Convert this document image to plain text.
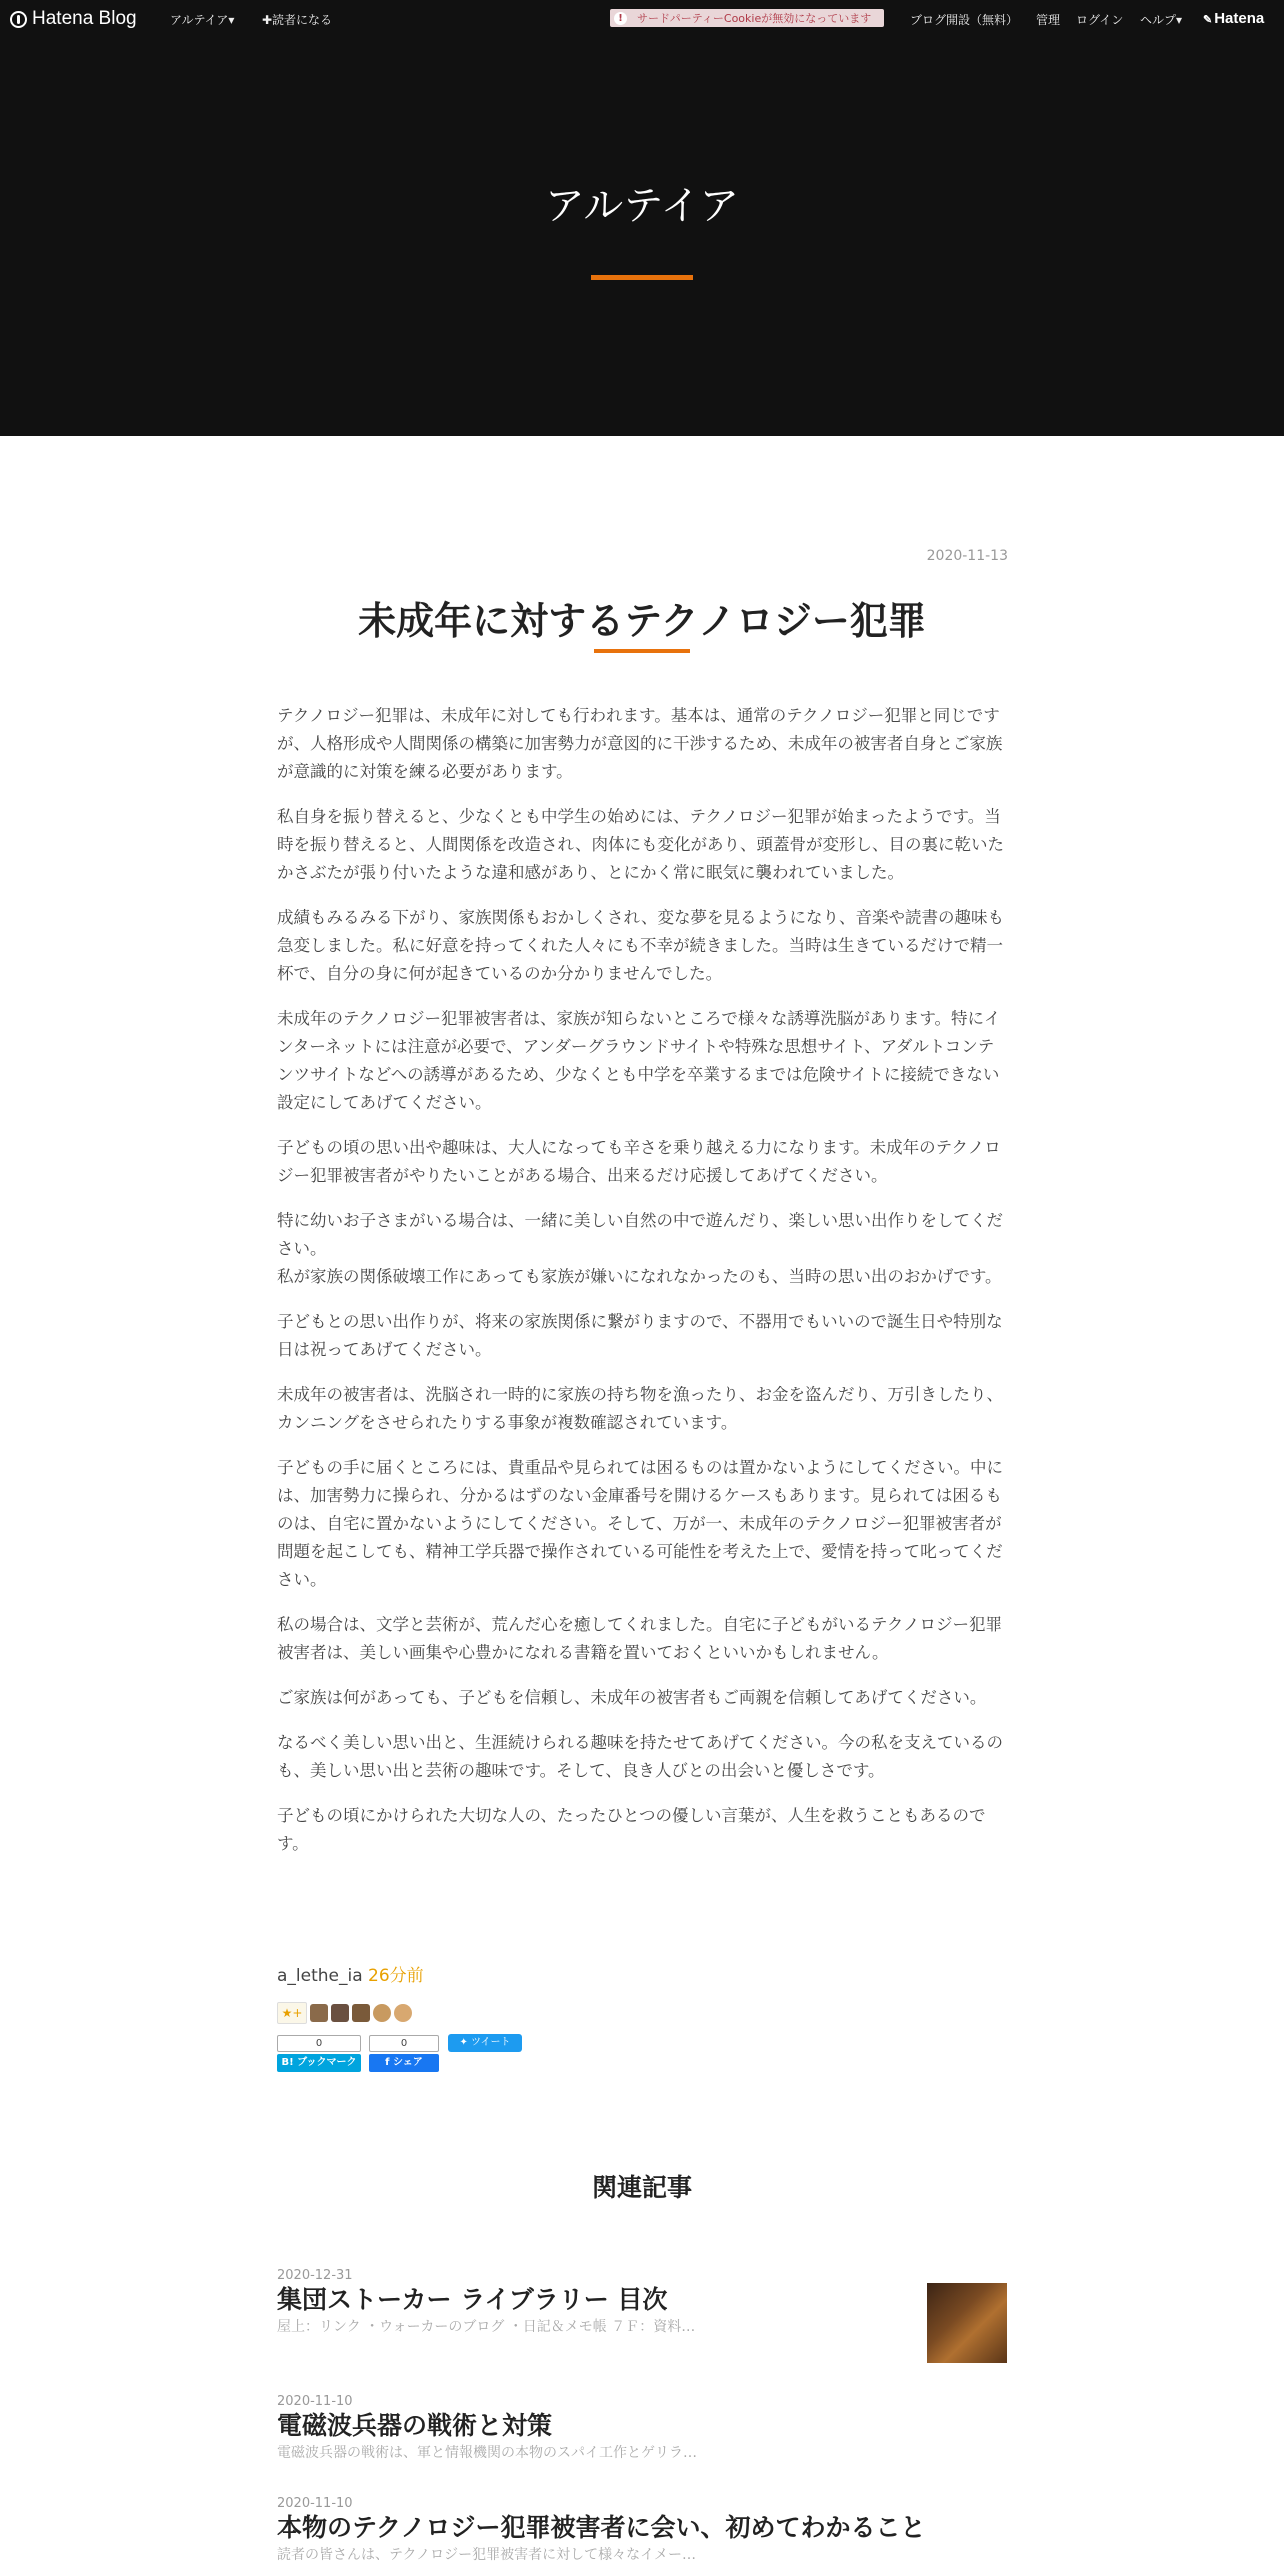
Hatena Blog	アルテイア▾ ✚読者になる	!	サードパーティーCookieが無効になっています	ブログ開設（無料） 管理 ログイン ヘルプ▾ ✎ Hatena
アルテイア
2020-11-13
未成年に対するテクノロジー犯罪

テクノロジー犯罪は、未成年に対しても行われます。基本は、通常のテクノロジー犯罪と同じですが、人格形成や人間関係の構築に加害勢力が意図的に干渉するため、未成年の被害者自身とご家族が意識的に対策を練る必要があります。

私自身を振り替えると、少なくとも中学生の始めには、テクノロジー犯罪が始まったようです。当時を振り替えると、人間関係を改造され、肉体にも変化があり、頭蓋骨が変形し、目の裏に乾いたかさぶたが張り付いたような違和感があり、とにかく常に眠気に襲われていました。

成績もみるみる下がり、家族関係もおかしくされ、変な夢を見るようになり、音楽や読書の趣味も急変しました。私に好意を持ってくれた人々にも不幸が続きました。当時は生きているだけで精一杯で、自分の身に何が起きているのか分かりませんでした。

未成年のテクノロジー犯罪被害者は、家族が知らないところで様々な誘導洗脳があります。特にインターネットには注意が必要で、アンダーグラウンドサイトや特殊な思想サイト、アダルトコンテンツサイトなどへの誘導があるため、少なくとも中学を卒業するまでは危険サイトに接続できない設定にしてあげてください。

子どもの頃の思い出や趣味は、大人になっても辛さを乗り越える力になります。未成年のテクノロジー犯罪被害者がやりたいことがある場合、出来るだけ応援してあげてください。

特に幼いお子さまがいる場合は、一緒に美しい自然の中で遊んだり、楽しい思い出作りをしてください。
私が家族の関係破壊工作にあっても家族が嫌いになれなかったのも、当時の思い出のおかげです。

子どもとの思い出作りが、将来の家族関係に繋がりますので、不器用でもいいので誕生日や特別な日は祝ってあげてください。

未成年の被害者は、洗脳され一時的に家族の持ち物を漁ったり、お金を盗んだり、万引きしたり、カンニングをさせられたりする事象が複数確認されています。

子どもの手に届くところには、貴重品や見られては困るものは置かないようにしてください。中には、加害勢力に操られ、分かるはずのない金庫番号を開けるケースもあります。見られては困るものは、自宅に置かないようにしてください。そして、万が一、未成年のテクノロジー犯罪被害者が問題を起こしても、精神工学兵器で操作されている可能性を考えた上で、愛情を持って叱ってください。

私の場合は、文学と芸術が、荒んだ心を癒してくれました。自宅に子どもがいるテクノロジー犯罪被害者は、美しい画集や心豊かになれる書籍を置いておくといいかもしれません。

ご家族は何があっても、子どもを信頼し、未成年の被害者もご両親を信頼してあげてください。

なるべく美しい思い出と、生涯続けられる趣味を持たせてあげてください。今の私を支えているのも、美しい思い出と芸術の趣味です。そして、良き人びとの出会いと優しさです。

子どもの頃にかけられた大切な人の、たったひとつの優しい言葉が、人生を救うこともあるのです。

a_lethe_ia 26分前
★+
0
B! ブックマーク
0
f シェア
✦ ツイート
関連記事
2020-12-31
集団ストーカー ライブラリー 目次
屋上：リンク ・ウォーカーのブログ ・日記＆メモ帳 ７Ｆ：資料…
2020-11-10
電磁波兵器の戦術と対策
電磁波兵器の戦術は、軍と情報機関の本物のスパイ工作とゲリラ…
2020-11-10
本物のテクノロジー犯罪被害者に会い、初めてわかること
読者の皆さんは、テクノロジー犯罪被害者に対して様々なイメー…
